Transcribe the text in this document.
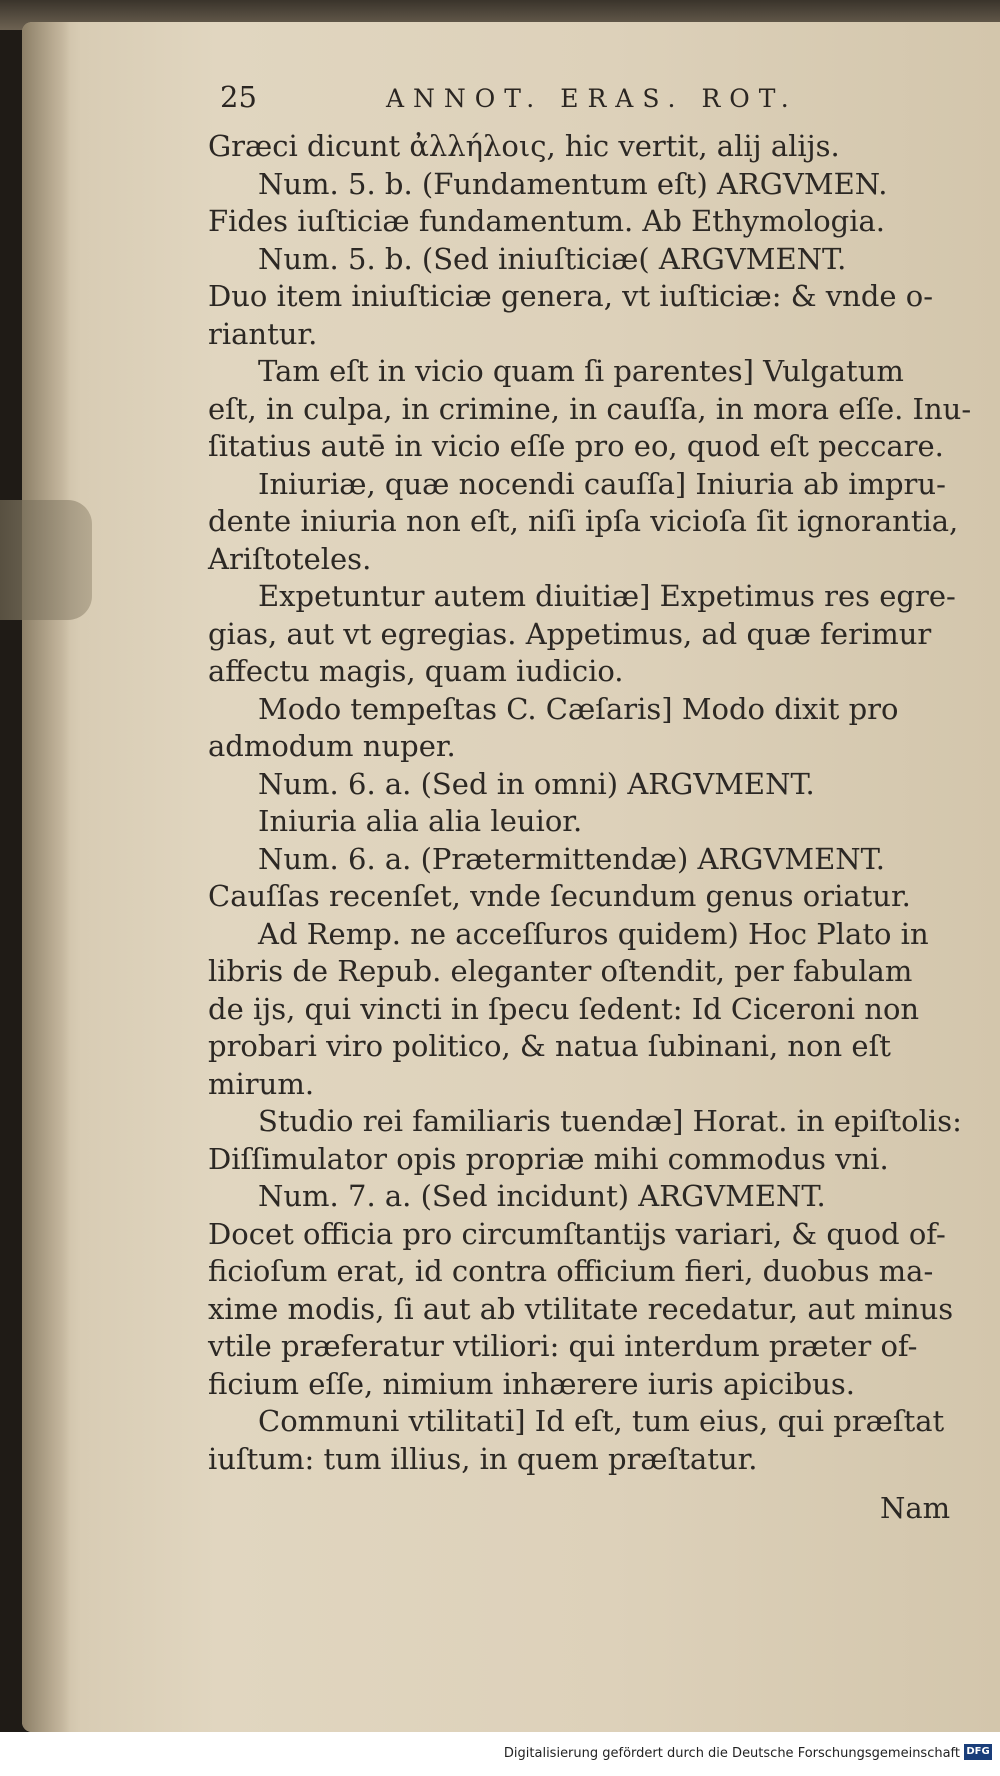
25	ANNOT. ERAS. ROT.
Græci dicunt ἀλλήλοις, hic vertit, alij alijs.
Num. 5. b. (Fundamentum eſt) ARGVMEN.
Fides iuſticiæ fundamentum. Ab Ethymologia.
Num. 5. b. (Sed iniuſticiæ( ARGVMENT.
Duo item iniuſticiæ genera, vt iuſticiæ: & vnde o-
riantur.
Tam eſt in vicio quam ſi parentes] Vulgatum
eſt, in culpa, in crimine, in cauſſa, in mora eſſe. Inu-
ſitatius autē in vicio eſſe pro eo, quod eſt peccare.
Iniuriæ, quæ nocendi cauſſa] Iniuria ab impru-
dente iniuria non eſt, niſi ipſa vicioſa ſit ignorantia,
Ariſtoteles.
Expetuntur autem diuitiæ] Expetimus res egre-
gias, aut vt egregias. Appetimus, ad quæ ferimur
affectu magis, quam iudicio.
Modo tempeſtas C. Cæſaris] Modo dixit pro
admodum nuper.
Num. 6. a. (Sed in omni) ARGVMENT.
Iniuria alia alia leuior.
Num. 6. a. (Prætermittendæ) ARGVMENT.
Cauſſas recenſet, vnde ſecundum genus oriatur.
Ad Remp. ne acceſſuros quidem) Hoc Plato in
libris de Repub. eleganter oſtendit, per fabulam
de ijs, qui vincti in ſpecu ſedent: Id Ciceroni non
probari viro politico, & natua ſubinani, non eſt
mirum.
Studio rei familiaris tuendæ] Horat. in epiſtolis:
Diſſimulator opis propriæ mihi commodus vni.
Num. 7. a. (Sed incidunt) ARGVMENT.
Docet officia pro circumſtantijs variari, & quod of-
ficioſum erat, id contra officium fieri, duobus ma-
xime modis, ſi aut ab vtilitate recedatur, aut minus
vtile præferatur vtiliori: qui interdum præter of-
ficium eſſe, nimium inhærere iuris apicibus.
Communi vtilitati] Id eſt, tum eius, qui præſtat
iuſtum: tum illius, in quem præſtatur.
Nam
Digitalisierung gefördert durch die Deutsche Forschungsgemeinschaft DFG
